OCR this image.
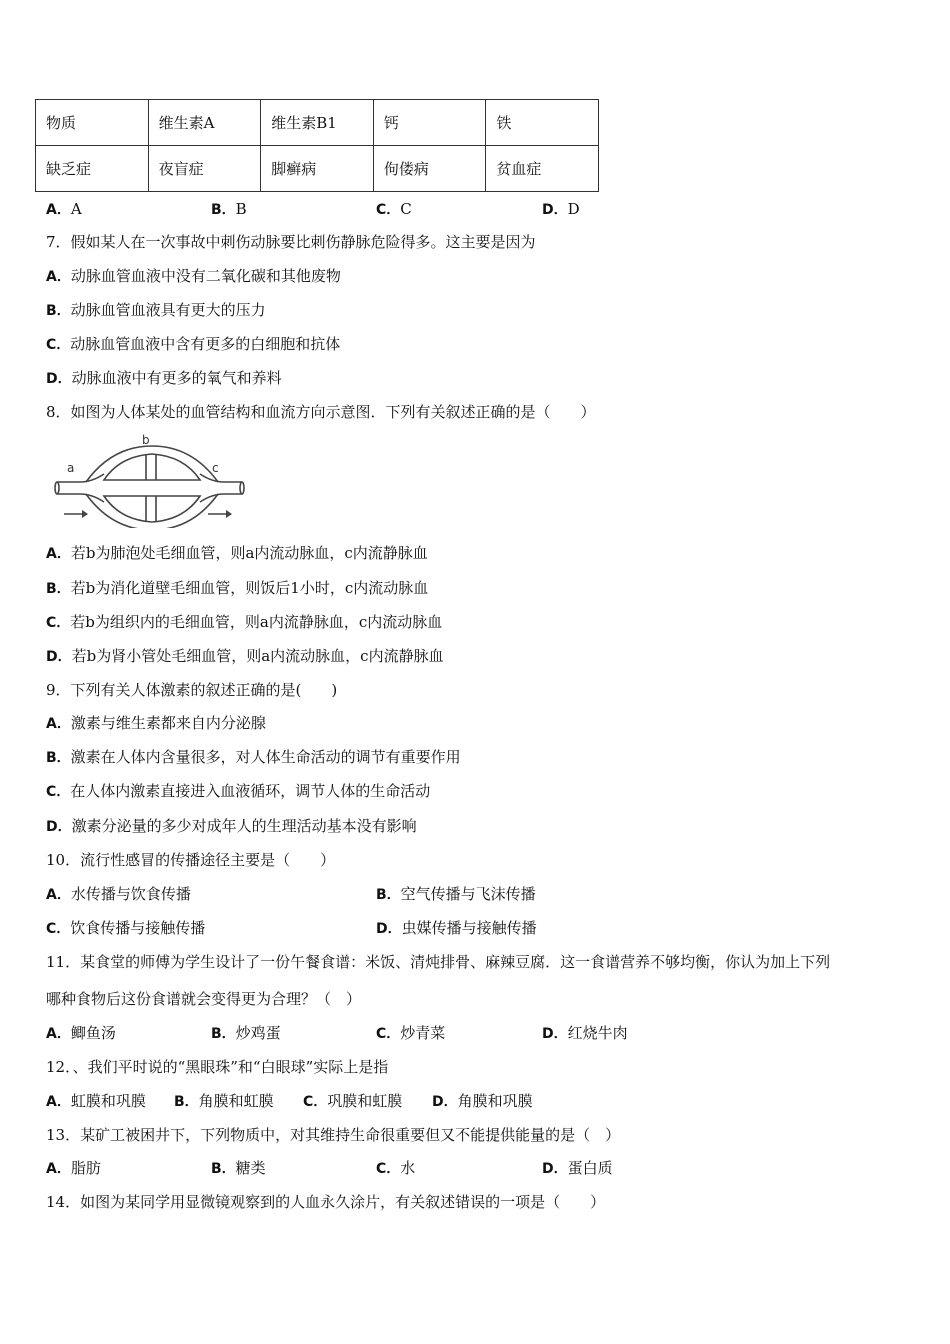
物质	维生素A	维生素B1	钙	铁
缺乏症	夜盲症	脚癣病	佝偻病	贫血症
A．A	B．B	C．C	D．D
7．假如某人在一次事故中刺伤动脉要比刺伤静脉危险得多。这主要是因为
A．动脉血管血液中没有二氧化碳和其他废物
B．动脉血管血液具有更大的压力
C．动脉血管血液中含有更多的白细胞和抗体
D．动脉血液中有更多的氧气和养料
8．如图为人体某处的血管结构和血流方向示意图．下列有关叙述正确的是（　　）
a
b
c
A．若b为肺泡处毛细血管，则a内流动脉血，c内流静脉血
B．若b为消化道壁毛细血管，则饭后1小时，c内流动脉血
C．若b为组织内的毛细血管，则a内流静脉血，c内流动脉血
D．若b为肾小管处毛细血管，则a内流动脉血，c内流静脉血
9．下列有关人体激素的叙述正确的是(　　)
A．激素与维生素都来自内分泌腺
B．激素在人体内含量很多，对人体生命活动的调节有重要作用
C．在人体内激素直接进入血液循环，调节人体的生命活动
D．激素分泌量的多少对成年人的生理活动基本没有影响
10．流行性感冒的传播途径主要是（　　）
A．水传播与饮食传播	B．空气传播与飞沫传播
C．饮食传播与接触传播	D．虫媒传播与接触传播
11．某食堂的师傅为学生设计了一份午餐食谱：米饭、清炖排骨、麻辣豆腐．这一食谱营养不够均衡，你认为加上下列
哪种食物后这份食谱就会变得更为合理？（　）
A．鲫鱼汤	B．炒鸡蛋	C．炒青菜	D．红烧牛肉
12．、我们平时说的“黑眼珠”和“白眼球”实际上是指
A．虹膜和巩膜 B．角膜和虹膜 C．巩膜和虹膜 D．角膜和巩膜
13．某矿工被困井下，下列物质中，对其维持生命很重要但又不能提供能量的是（　）
A．脂肪	B．糖类	C．水	D．蛋白质
14．如图为某同学用显微镜观察到的人血永久涂片，有关叙述错误的一项是（　　）
